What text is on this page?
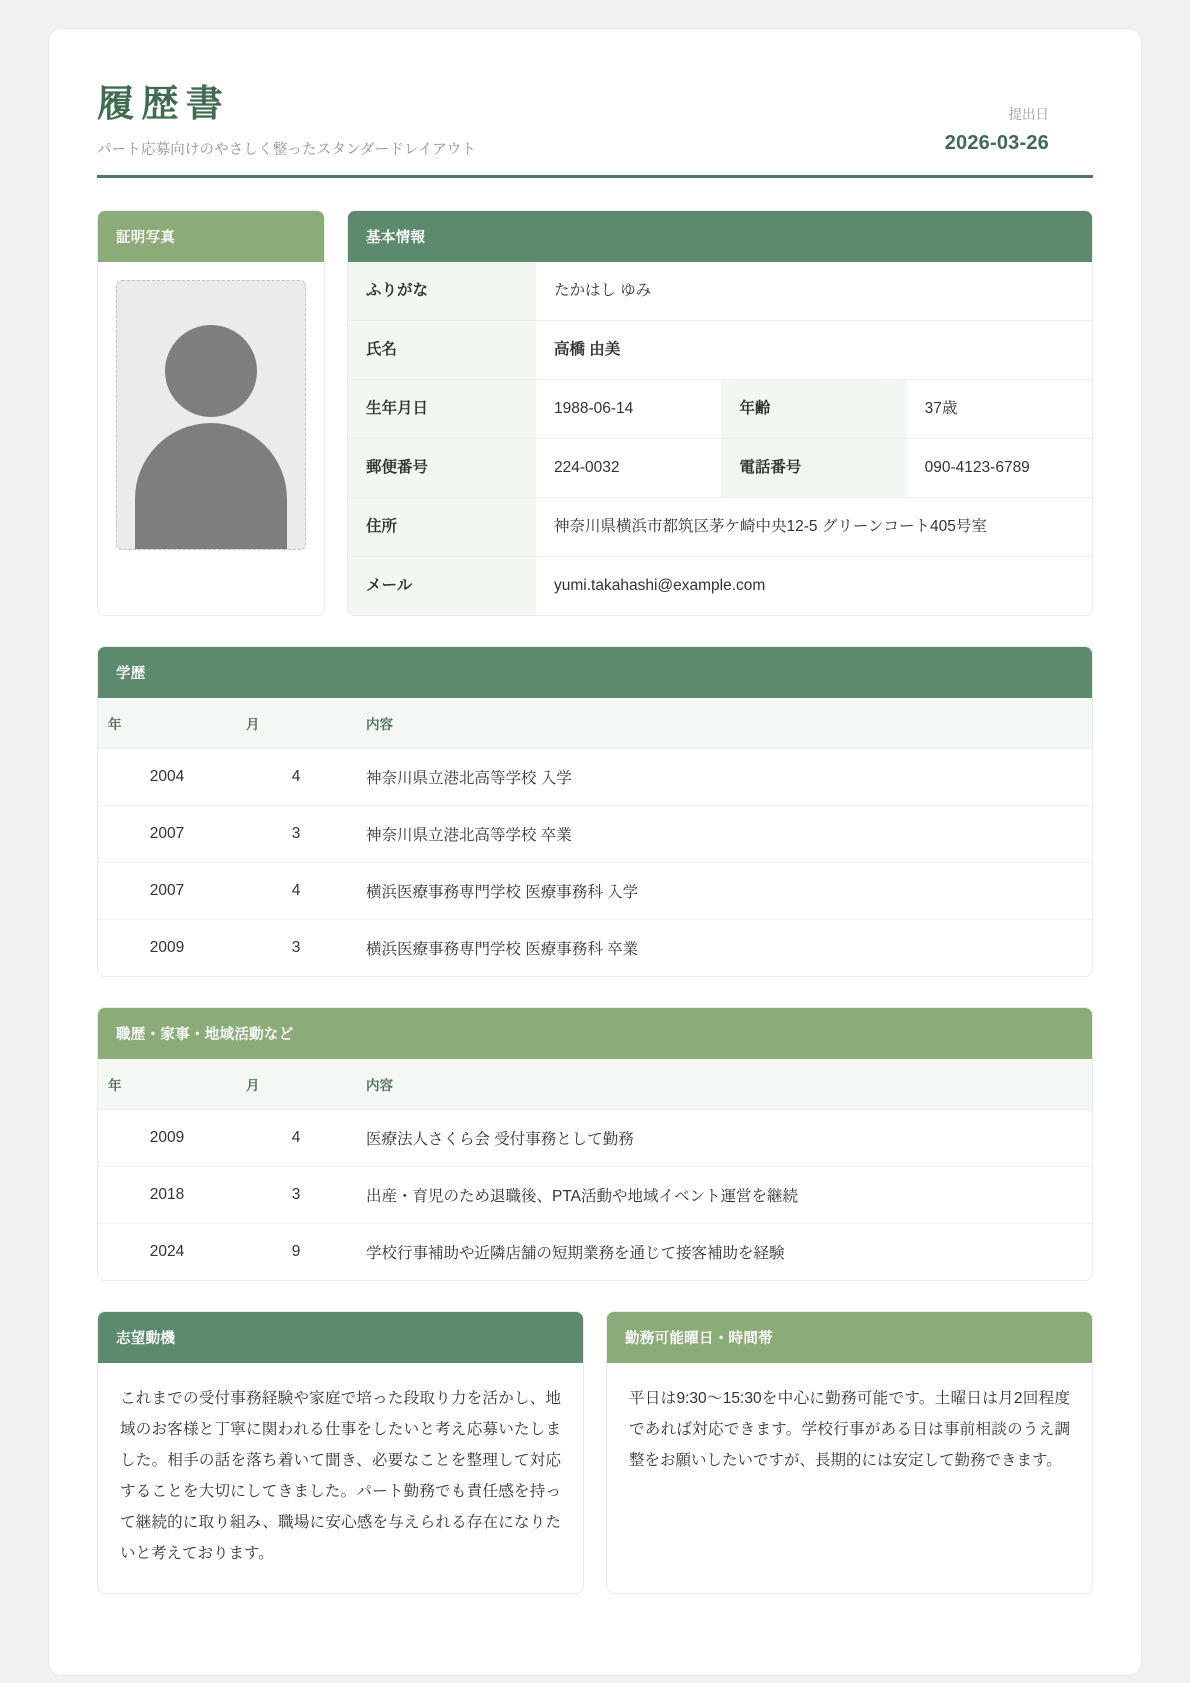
履歴書
パート応募向けのやさしく整ったスタンダードレイアウト
提出日
2026-03-26
証明写真	基本情報
ふりがな	たかはし ゆみ		
氏名	高橋 由美		
生年月日	1988-06-14	年齢	37歳
郵便番号	224-0032	電話番号	090-4123-6789
住所	神奈川県横浜市都筑区茅ケ崎中央12-5 グリーンコート405号室		
メール	yumi.takahashi@example.com		
学歴
年	月	内容
2004	4	神奈川県立港北高等学校 入学
2007	3	神奈川県立港北高等学校 卒業
2007	4	横浜医療事務専門学校 医療事務科 入学
2009	3	横浜医療事務専門学校 医療事務科 卒業
職歴・家事・地域活動など
年	月	内容
2009	4	医療法人さくら会 受付事務として勤務
2018	3	出産・育児のため退職後、PTA活動や地域イベント運営を継続
2024	9	学校行事補助や近隣店舗の短期業務を通じて接客補助を経験
志望動機
これまでの受付事務経験や家庭で培った段取り力を活かし、地域のお客様と丁寧に関われる仕事をしたいと考え応募いたしました。相手の話を落ち着いて聞き、必要なことを整理して対応することを大切にしてきました。パート勤務でも責任感を持って継続的に取り組み、職場に安心感を与えられる存在になりたいと考えております。
勤務可能曜日・時間帯
平日は9:30〜15:30を中心に勤務可能です。土曜日は月2回程度であれば対応できます。学校行事がある日は事前相談のうえ調整をお願いしたいですが、長期的には安定して勤務できます。
